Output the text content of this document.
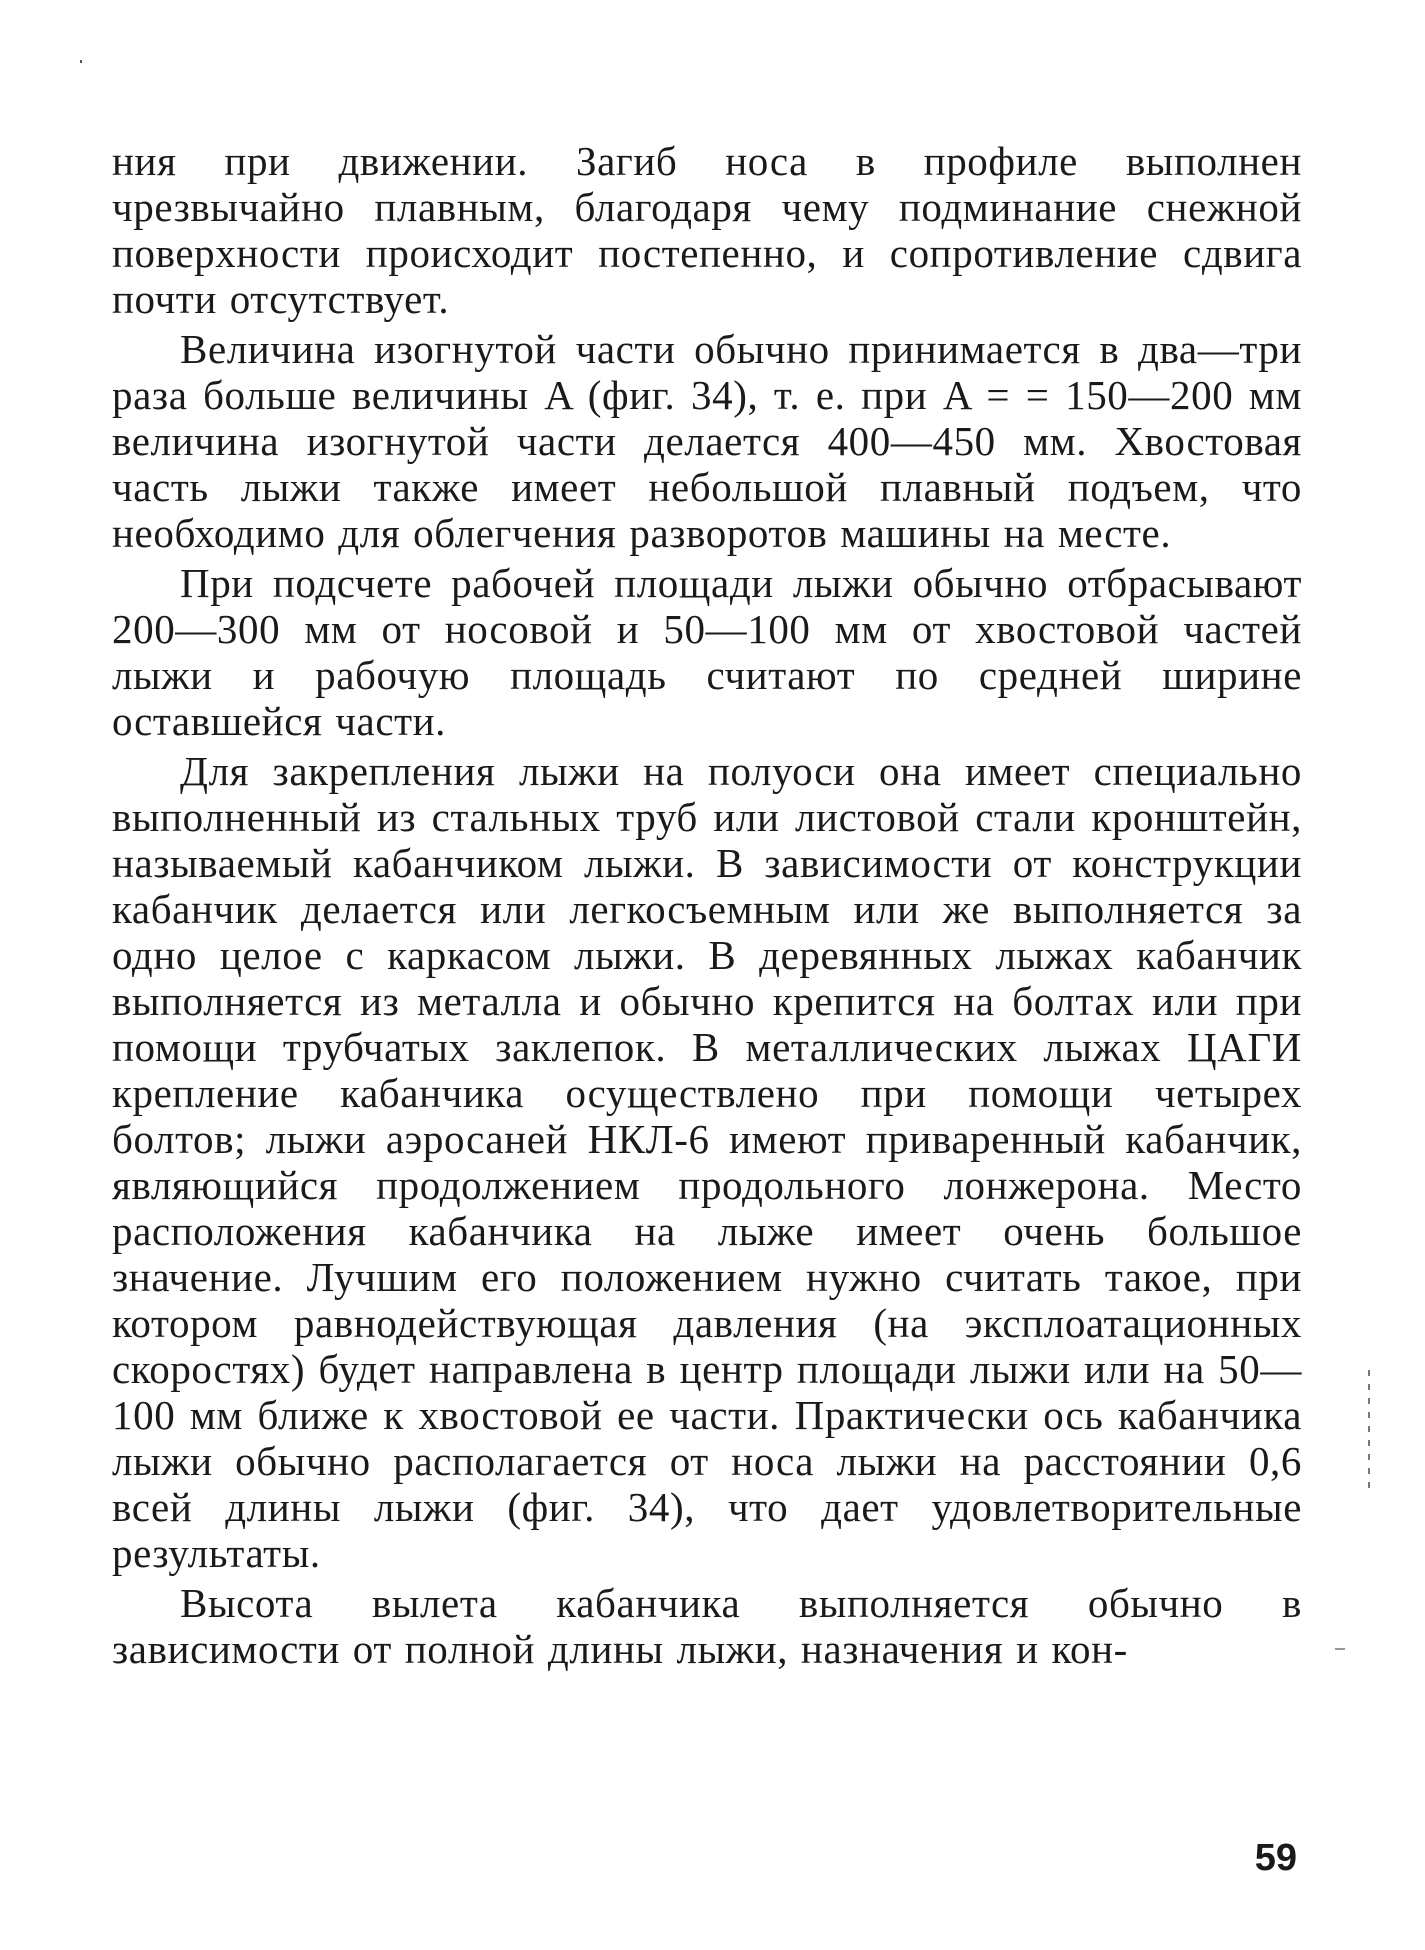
ния при движении. Загиб носа в профиле выполнен чрезвычайно плавным, благодаря чему подминание снежной поверхности происходит постепенно, и сопротивление сдвига почти отсутствует.

Величина изогнутой части обычно принимается в два—три раза больше величины A (фиг. 34), т. е. при A = = 150—200 мм величина изогнутой части делается 400—450 мм. Хвостовая часть лыжи также имеет небольшой плавный подъем, что необходимо для облегчения разворотов машины на месте.

При подсчете рабочей площади лыжи обычно отбрасывают 200—300 мм от носовой и 50—100 мм от хвостовой частей лыжи и рабочую площадь считают по средней ширине оставшейся части.

Для закрепления лыжи на полуоси она имеет специально выполненный из стальных труб или листовой стали кронштейн, называемый кабанчиком лыжи. В зависимости от конструкции кабанчик делается или легкосъемным или же выполняется за одно целое с каркасом лыжи. В деревянных лыжах кабанчик выполняется из металла и обычно крепится на болтах или при помощи трубчатых заклепок. В металлических лыжах ЦАГИ крепление кабанчика осуществлено при помощи четырех болтов; лыжи аэросаней НКЛ-6 имеют приваренный кабанчик, являющийся продолжением продольного лонжерона. Место расположения кабанчика на лыже имеет очень большое значение. Лучшим его положением нужно считать такое, при котором равнодействующая давления (на эксплоатационных скоростях) будет направлена в центр площади лыжи или на 50—100 мм ближе к хвостовой ее части. Практически ось кабанчика лыжи обычно располагается от носа лыжи на расстоянии 0,6 всей длины лыжи (фиг. 34), что дает удовлетворительные результаты.

Высота вылета кабанчика выполняется обычно в зависимости от полной длины лыжи, назначения и кон-

59
